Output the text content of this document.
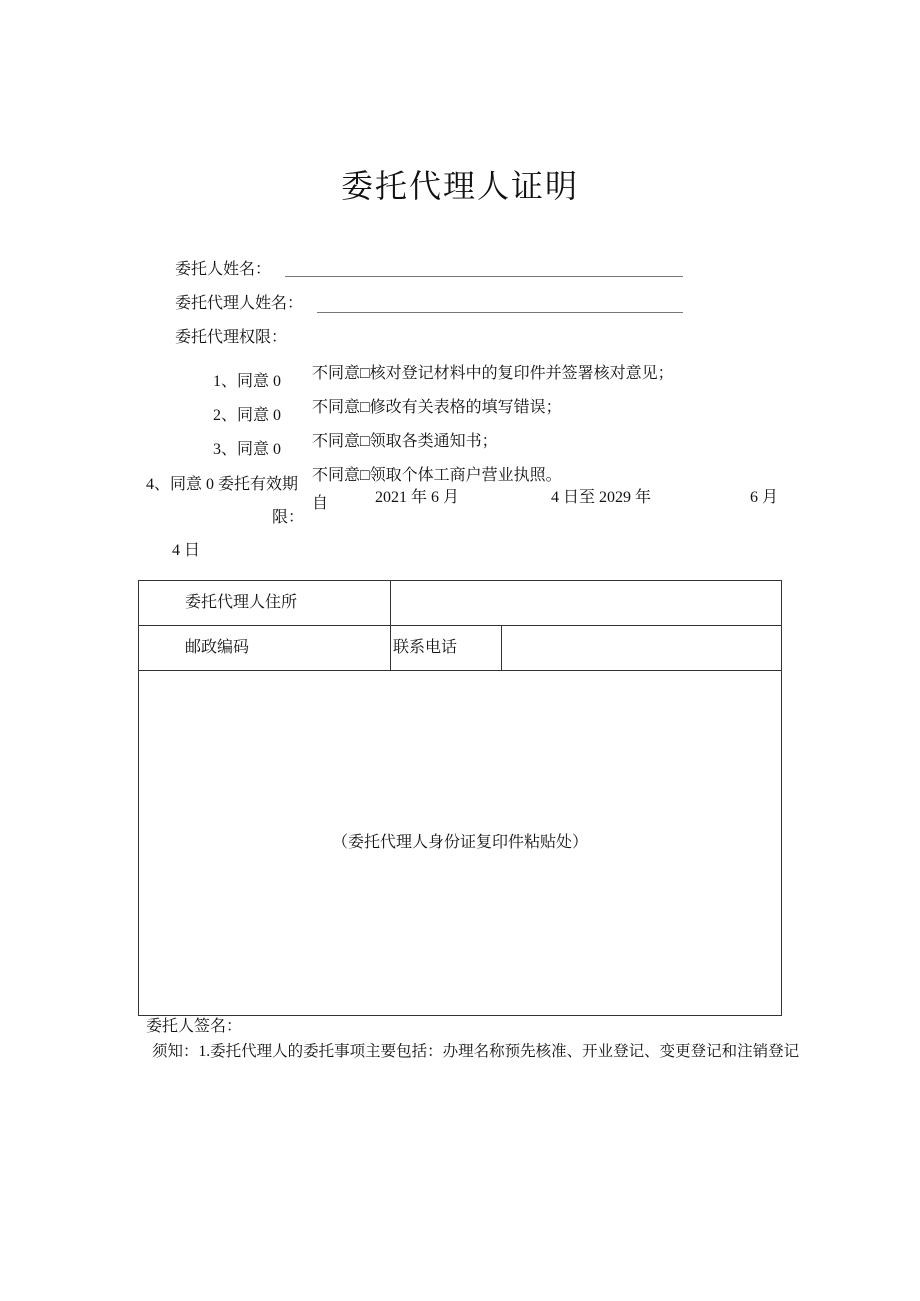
委托代理人证明
委托人姓名：
委托代理人姓名：
委托代理权限：
1、同意 0 不同意□核对登记材料中的复印件并签署核对意见；
2、同意 0 不同意□修改有关表格的填写错误；
3、同意 0 不同意□领取各类通知书；
4、同意 0 委托有效期
不同意□领取个体工商户营业执照。
限：
自	2021 年 6 月	4 日至 2029 年	6 月
4 日
委托代理人住所		
邮政编码	联系电话	
（委托代理人身份证复印件粘贴处）		
委托人签名：
须知：1.委托代理人的委托事项主要包括：办理名称预先核准、开业登记、变更登记和注销登记
